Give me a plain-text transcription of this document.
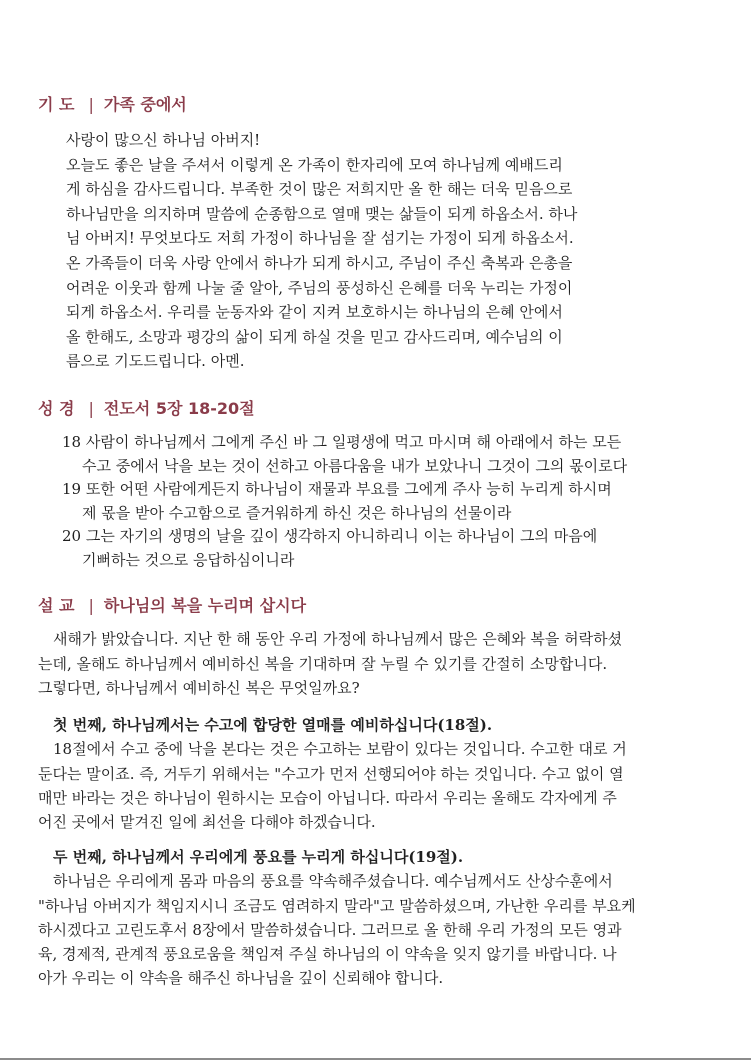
기 도 | 가족 중에서
사랑이 많으신 하나님 아버지!
오늘도 좋은 날을 주셔서 이렇게 온 가족이 한자리에 모여 하나님께 예배드리
게 하심을 감사드립니다. 부족한 것이 많은 저희지만 올 한 해는 더욱 믿음으로
하나님만을 의지하며 말씀에 순종함으로 열매 맺는 삶들이 되게 하옵소서. 하나
님 아버지! 무엇보다도 저희 가정이 하나님을 잘 섬기는 가정이 되게 하옵소서.
온 가족들이 더욱 사랑 안에서 하나가 되게 하시고, 주님이 주신 축복과 은총을
어려운 이웃과 함께 나눌 줄 알아, 주님의 풍성하신 은혜를 더욱 누리는 가정이
되게 하옵소서. 우리를 눈동자와 같이 지켜 보호하시는 하나님의 은혜 안에서
올 한해도, 소망과 평강의 삶이 되게 하실 것을 믿고 감사드리며, 예수님의 이
름으로 기도드립니다. 아멘.
성 경 | 전도서 5장 18-20절
18 사람이 하나님께서 그에게 주신 바 그 일평생에 먹고 마시며 해 아래에서 하는 모든
수고 중에서 낙을 보는 것이 선하고 아름다움을 내가 보았나니 그것이 그의 몫이로다
19 또한 어떤 사람에게든지 하나님이 재물과 부요를 그에게 주사 능히 누리게 하시며
제 몫을 받아 수고함으로 즐거워하게 하신 것은 하나님의 선물이라
20 그는 자기의 생명의 날을 깊이 생각하지 아니하리니 이는 하나님이 그의 마음에
기뻐하는 것으로 응답하심이니라
설 교 | 하나님의 복을 누리며 삽시다
새해가 밝았습니다. 지난 한 해 동안 우리 가정에 하나님께서 많은 은혜와 복을 허락하셨
는데, 올해도 하나님께서 예비하신 복을 기대하며 잘 누릴 수 있기를 간절히 소망합니다.
그렇다면, 하나님께서 예비하신 복은 무엇일까요?
첫 번째, 하나님께서는 수고에 합당한 열매를 예비하십니다(18절).
18절에서 수고 중에 낙을 본다는 것은 수고하는 보람이 있다는 것입니다. 수고한 대로 거
둔다는 말이죠. 즉, 거두기 위해서는 "수고가 먼저 선행되어야 하는 것입니다. 수고 없이 열
매만 바라는 것은 하나님이 원하시는 모습이 아닙니다. 따라서 우리는 올해도 각자에게 주
어진 곳에서 맡겨진 일에 최선을 다해야 하겠습니다.
두 번째, 하나님께서 우리에게 풍요를 누리게 하십니다(19절).
하나님은 우리에게 몸과 마음의 풍요를 약속해주셨습니다. 예수님께서도 산상수훈에서
"하나님 아버지가 책임지시니 조금도 염려하지 말라"고 말씀하셨으며, 가난한 우리를 부요케
하시겠다고 고린도후서 8장에서 말씀하셨습니다. 그러므로 올 한해 우리 가정의 모든 영과
육, 경제적, 관계적 풍요로움을 책임져 주실 하나님의 이 약속을 잊지 않기를 바랍니다. 나
아가 우리는 이 약속을 해주신 하나님을 깊이 신뢰해야 합니다.
